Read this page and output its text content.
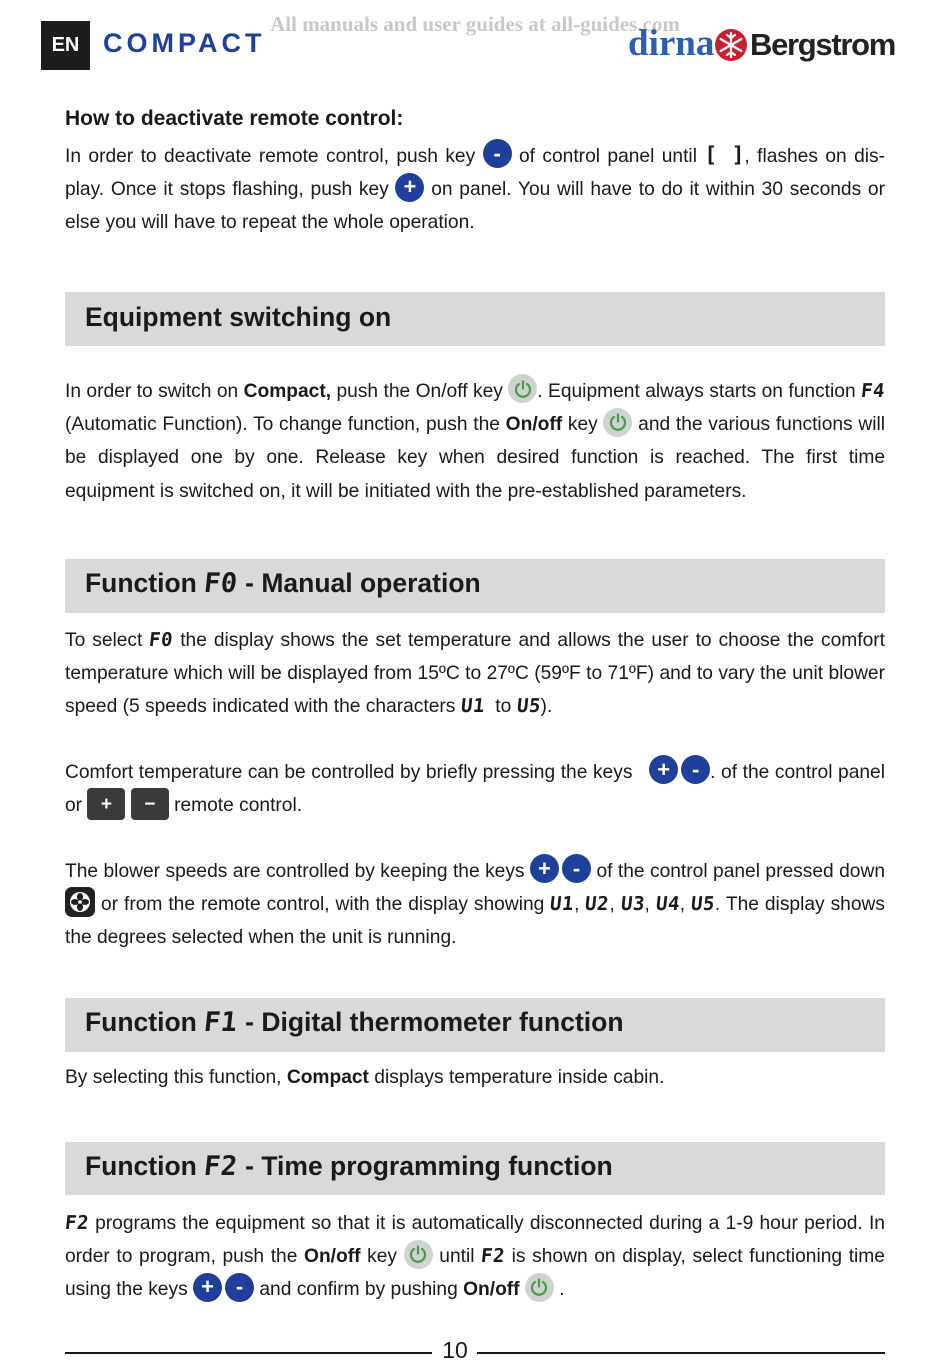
EN COMPACT
All manuals and user guides at all-guides.com
dirna Bergstrom
How to deactivate remote control:

In order to deactivate remote control, push key - of control panel until [ ], flashes on dis-play. Once it stops flashing, push key + on panel. You will have to do it within 30 seconds or else you will have to repeat the whole operation.

Equipment switching on

In order to switch on Compact, push the On/off key . Equipment always starts on function F4 (Automatic Function). To change function, push the On/off key and the various functions will be displayed one by one. Release key when desired function is reached. The first time equipment is switched on, it will be initiated with the pre-established parameters.

Function
F0
- Manual operation

To select F0 the display shows the set temperature and allows the user to choose the comfort temperature which will be displayed from 15ºC to 27ºC (59ºF to 71ºF) and to vary the unit blower speed (5 speeds indicated with the characters U1 to U5).

Comfort temperature can be controlled by briefly pressing the keys + - . of the control panel or + − remote control.

The blower speeds are controlled by keeping the keys + - of the control panel pressed down
or from the remote control, with the display showing U1, U2, U3, U4, U5. The display shows the degrees selected when the unit is running.

Function
F1
- Digital thermometer function

By selecting this function, Compact displays temperature inside cabin.

Function
F2
- Time programming function

F2 programs the equipment so that it is automatically disconnected during a 1-9 hour period. In order to program, push the On/off key until F2 is shown on display, select functioning time using the keys + - and confirm by pushing On/off .

10
